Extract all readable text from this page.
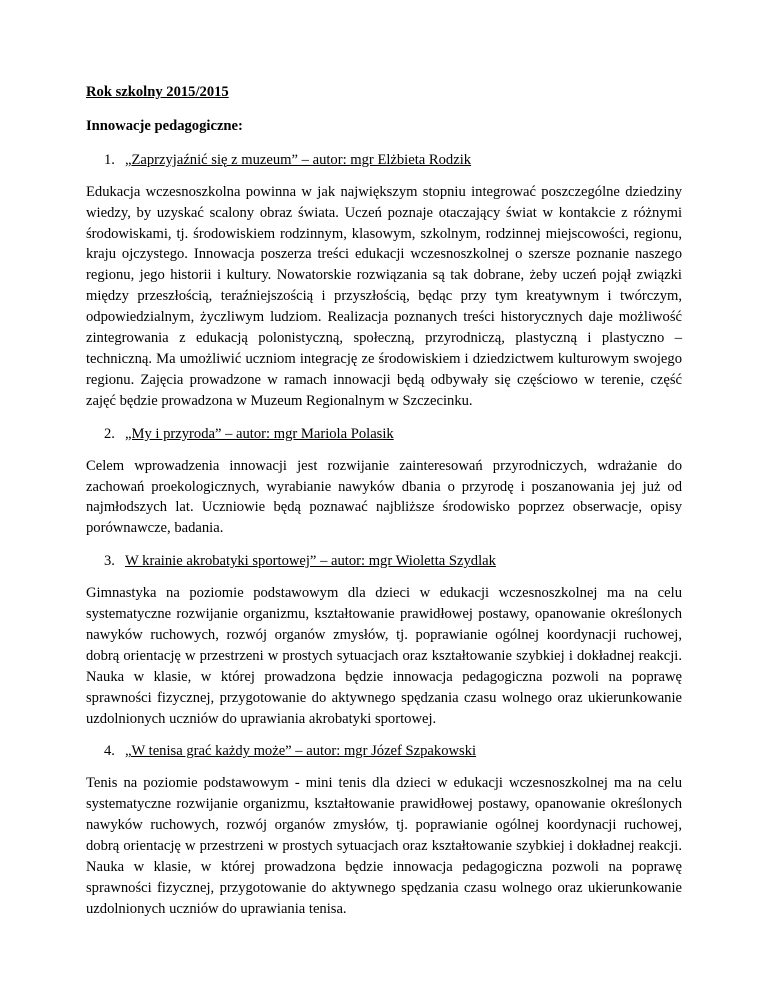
Rok szkolny 2015/2015

Innowacje pedagogiczne:

1. „Zaprzyjaźnić się z muzeum” – autor: mgr Elżbieta Rodzik

Edukacja wczesnoszkolna powinna w jak największym stopniu integrować poszczególne dziedziny wiedzy, by uzyskać scalony obraz świata. Uczeń poznaje otaczający świat w kontakcie z różnymi środowiskami, tj. środowiskiem rodzinnym, klasowym, szkolnym, rodzinnej miejscowości, regionu, kraju ojczystego. Innowacja poszerza treści edukacji wczesnoszkolnej o szersze poznanie naszego regionu, jego historii i kultury. Nowatorskie rozwiązania są tak dobrane, żeby uczeń pojął związki między przeszłością, teraźniejszością i przyszłością, będąc przy tym kreatywnym i twórczym, odpowiedzialnym, życzliwym ludziom. Realizacja poznanych treści historycznych daje możliwość zintegrowania z edukacją polonistyczną, społeczną, przyrodniczą, plastyczną i plastyczno – techniczną. Ma umożliwić uczniom integrację ze środowiskiem i dziedzictwem kulturowym swojego regionu. Zajęcia prowadzone w ramach innowacji będą odbywały się częściowo w terenie, część zajęć będzie prowadzona w Muzeum Regionalnym w Szczecinku.

2. „My i przyroda” – autor: mgr Mariola Polasik

Celem wprowadzenia innowacji jest rozwijanie zainteresowań przyrodniczych, wdrażanie do zachowań proekologicznych, wyrabianie nawyków dbania o przyrodę i poszanowania jej już od najmłodszych lat. Uczniowie będą poznawać najbliższe środowisko poprzez obserwacje, opisy porównawcze, badania.

3. W krainie akrobatyki sportowej” – autor: mgr Wioletta Szydlak

Gimnastyka na poziomie podstawowym dla dzieci w edukacji wczesnoszkolnej ma na celu systematyczne rozwijanie organizmu, kształtowanie prawidłowej postawy, opanowanie określonych nawyków ruchowych, rozwój organów zmysłów, tj. poprawianie ogólnej koordynacji ruchowej, dobrą orientację w przestrzeni w prostych sytuacjach oraz kształtowanie szybkiej i dokładnej reakcji. Nauka w klasie, w której prowadzona będzie innowacja pedagogiczna pozwoli na poprawę sprawności fizycznej, przygotowanie do aktywnego spędzania czasu wolnego oraz ukierunkowanie uzdolnionych uczniów do uprawiania akrobatyki sportowej.

4. „W tenisa grać każdy może” – autor: mgr Józef Szpakowski

Tenis na poziomie podstawowym - mini tenis dla dzieci w edukacji wczesnoszkolnej ma na celu systematyczne rozwijanie organizmu, kształtowanie prawidłowej postawy, opanowanie określonych nawyków ruchowych, rozwój organów zmysłów, tj. poprawianie ogólnej koordynacji ruchowej, dobrą orientację w przestrzeni w prostych sytuacjach oraz kształtowanie szybkiej i dokładnej reakcji. Nauka w klasie, w której prowadzona będzie innowacja pedagogiczna pozwoli na poprawę sprawności fizycznej, przygotowanie do aktywnego spędzania czasu wolnego oraz ukierunkowanie uzdolnionych uczniów do uprawiania tenisa.
